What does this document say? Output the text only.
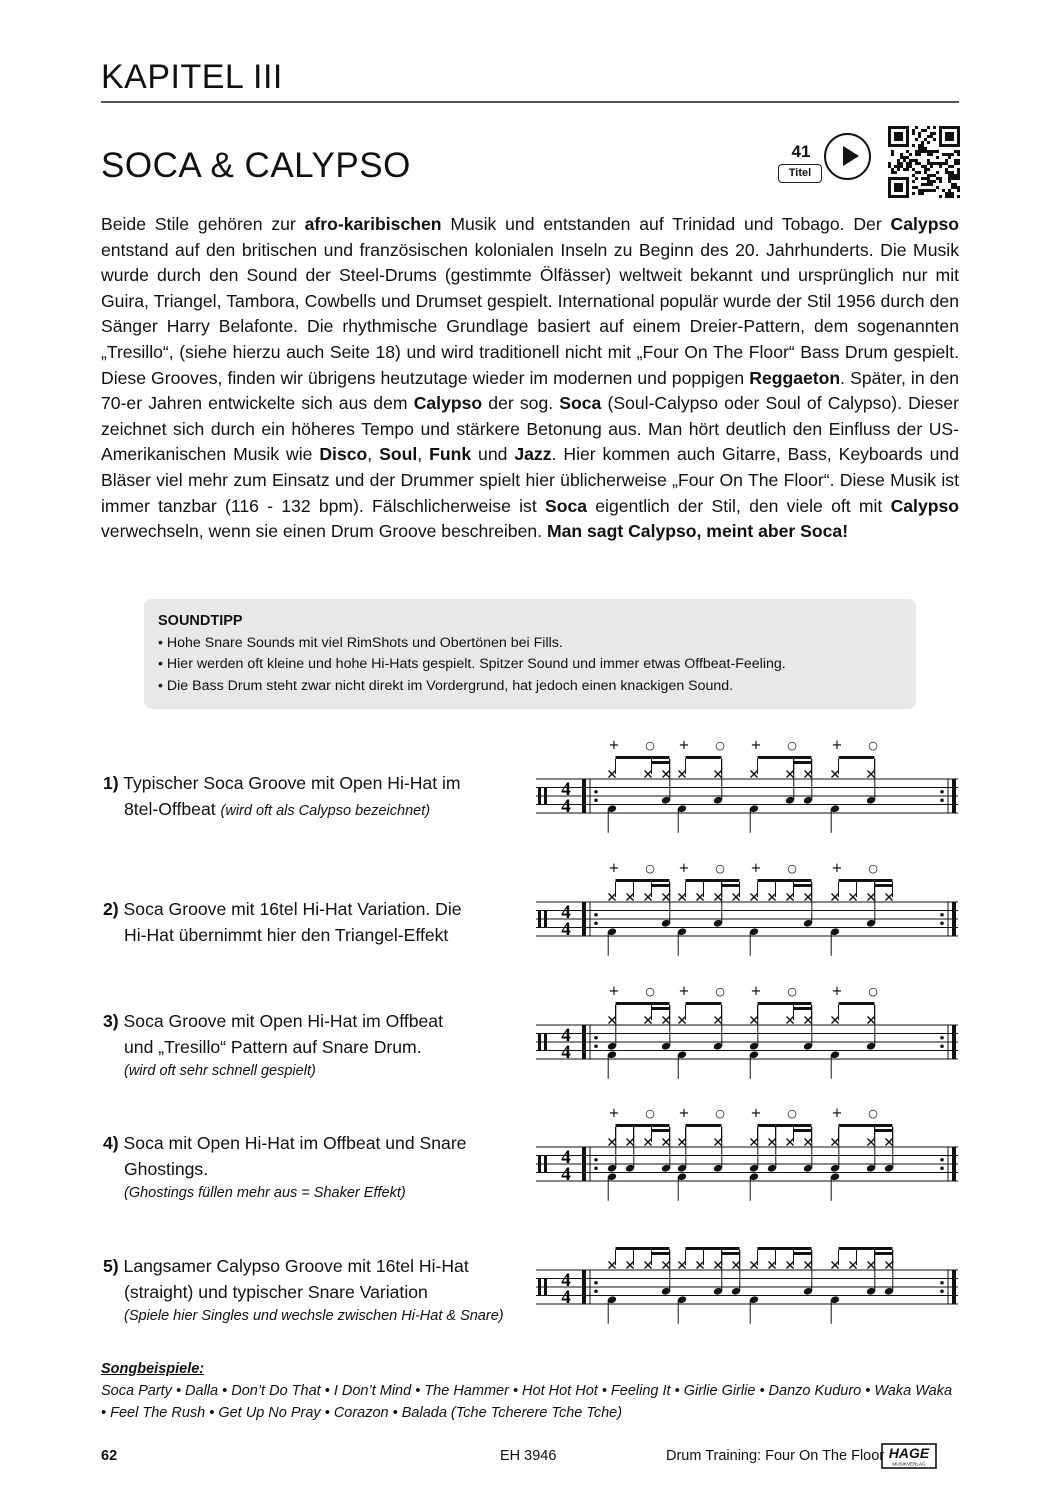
KAPITEL III
SOCA & CALYPSO	41
Titel
Beide Stile gehören zur afro-karibischen Musik und entstanden auf Trinidad und Tobago. Der Calypso entstand auf den britischen und französischen kolonialen Inseln zu Beginn des 20. Jahrhunderts. Die Musik wurde durch den Sound der Steel-Drums (gestimmte Ölfässer) weltweit bekannt und ursprünglich nur mit Guira, Triangel, Tambora, Cowbells und Drumset gespielt. International populär wurde der Stil 1956 durch den Sänger Harry Belafonte. Die rhythmische Grundlage basiert auf einem Dreier-Pattern, dem sogenannten „Tresillo“, (siehe hierzu auch Seite 18) und wird traditionell nicht mit „Four On The Floor“ Bass Drum gespielt. Diese Grooves, finden wir übrigens heutzutage wieder im modernen und poppigen Reggaeton. Später, in den 70-er Jahren entwickelte sich aus dem Calypso der sog. Soca (Soul-Calypso oder Soul of Calypso). Dieser zeichnet sich durch ein höheres Tempo und stärkere Betonung aus. Man hört deutlich den Einfluss der US-Amerikanischen Musik wie Disco, Soul, Funk und Jazz. Hier kommen auch Gitarre, Bass, Keyboards und Bläser viel mehr zum Einsatz und der Drummer spielt hier üblicherweise „Four On The Floor“. Diese Musik ist immer tanzbar (116 - 132 bpm). Fälschlicherweise ist Soca eigentlich der Stil, den viele oft mit Calypso verwechseln, wenn sie einen Drum Groove beschreiben. Man sagt Calypso, meint aber Soca!
SOUNDTIPP
• Hohe Snare Sounds mit viel RimShots und Obertönen bei Fills.
• Hier werden oft kleine und hohe Hi-Hats gespielt. Spitzer Sound und immer etwas Offbeat-Feeling.
• Die Bass Drum steht zwar nicht direkt im Vordergrund, hat jedoch einen knackigen Sound.
1) Typischer Soca Groove mit Open Hi-Hat im
8tel-Offbeat (wird oft als Calypso bezeichnet)
2) Soca Groove mit 16tel Hi-Hat Variation. Die
Hi-Hat übernimmt hier den Triangel-Effekt
3) Soca Groove mit Open Hi-Hat im Offbeat
und „Tresillo“ Pattern auf Snare Drum.
(wird oft sehr schnell gespielt)
4) Soca mit Open Hi-Hat im Offbeat und Snare
Ghostings.
(Ghostings füllen mehr aus = Shaker Effekt)
5) Langsamer Calypso Groove mit 16tel Hi-Hat
(straight) und typischer Snare Variation
(Spiele hier Singles und wechsle zwischen Hi-Hat & Snare)
4
4
+ ○ + ○ + ○	+ ○
4
4
+ ○ + ○ + ○	+ ○
4
4
+ ○ + ○ + ○	+ ○
4
4
+ ○ + ○ + ○	+ ○
4
4
Songbeispiele:
Soca Party • Dalla • Don’t Do That • I Don’t Mind • The Hammer • Hot Hot Hot • Feeling It • Girlie Girlie • Danzo Kuduro • Waka Waka • Feel The Rush • Get Up No Pray • Corazon • Balada (Tche Tcherere Tche Tche)
62	EH 3946	Drum Training: Four On The Floor HAGE
MUSIKVERLAG
